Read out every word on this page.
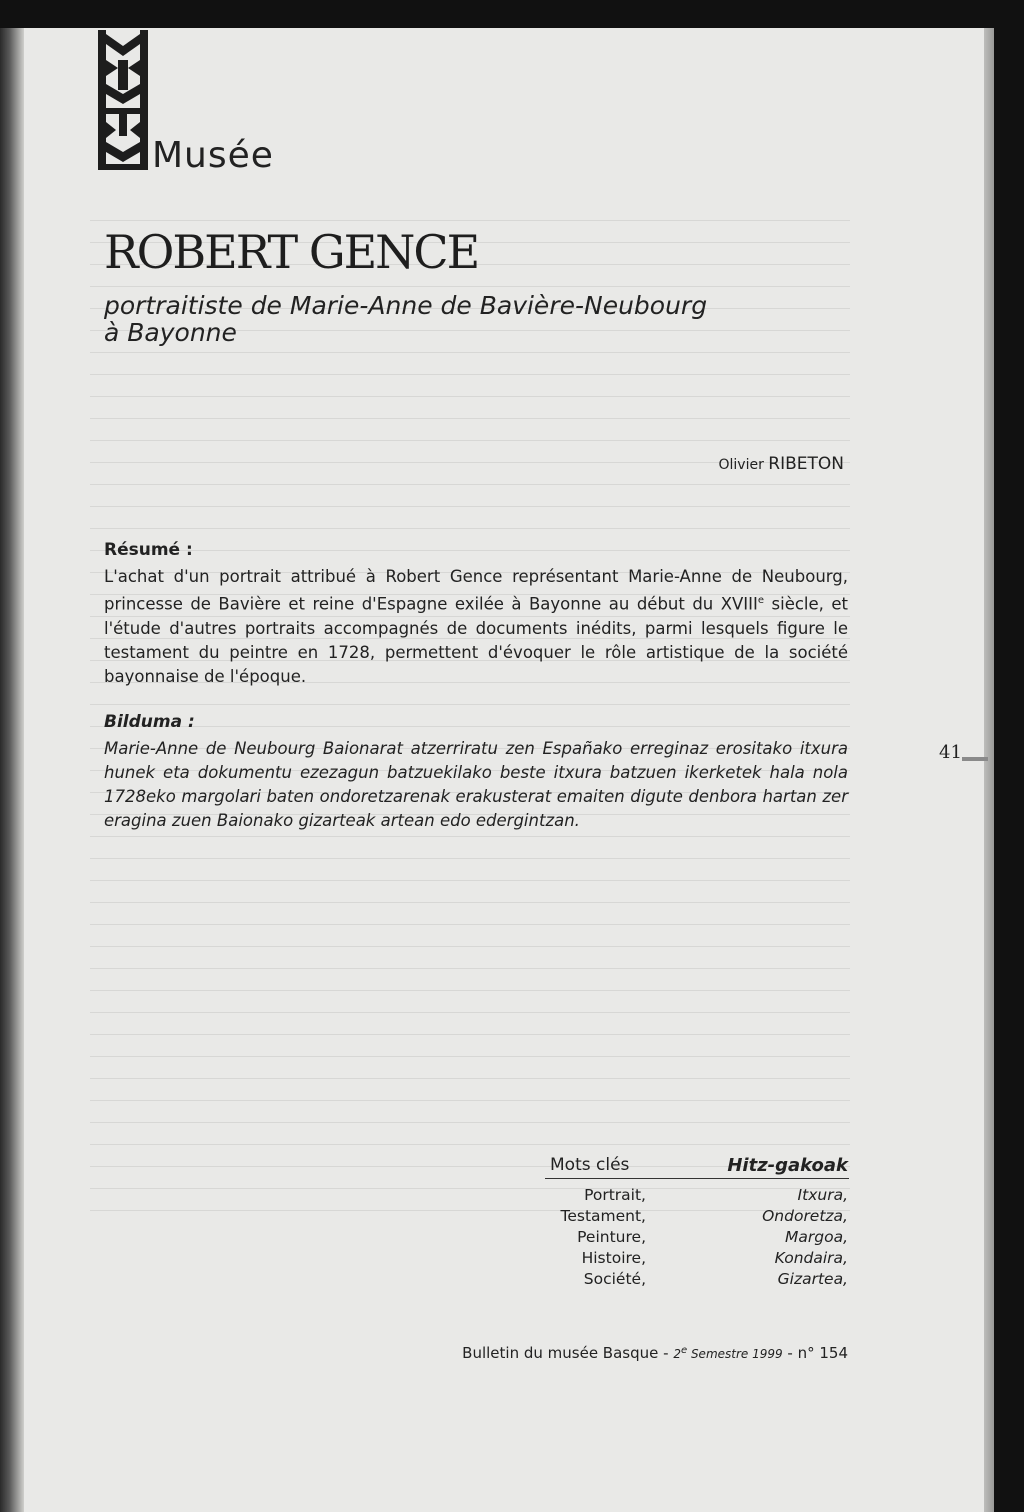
Musée
ROBERT GENCE
portraitiste de Marie-Anne de Bavière-Neubourg
à Bayonne
Olivier RIBETON
Résumé :
L'achat d'un portrait attribué à Robert Gence représentant Marie-Anne de Neubourg, princesse de Bavière et reine d'Espagne exilée à Bayonne au début du XVIIIe siècle, et l'étude d'autres portraits accompagnés de documents inédits, parmi lesquels figure le testament du peintre en 1728, permettent d'évoquer le rôle artistique de la société bayonnaise de l'époque.
Bilduma :
Marie-Anne de Neubourg Baionarat atzerriratu zen Españako erreginaz erositako itxura hunek eta dokumentu ezezagun batzuekilako beste itxura batzuen ikerketek hala nola 1728eko margolari baten ondoretzarenak erakusterat emaiten digute denbora hartan zer eragina zuen Baionako gizarteak artean edo edergintzan.
41
Mots clés	Hitz-gakoak
Portrait,
Testament,
Peinture,
Histoire,
Société,
Itxura,
Ondoretza,
Margoa,
Kondaira,
Gizartea,
Bulletin du musée Basque - 2e Semestre 1999 - n° 154
